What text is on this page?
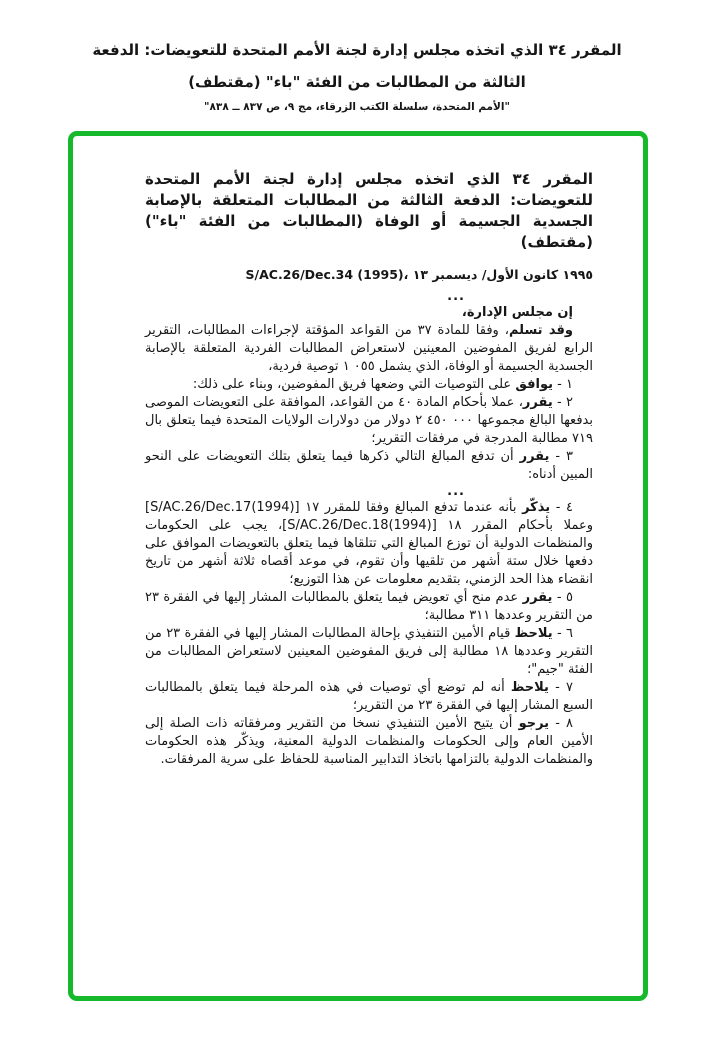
المقرر ٣٤ الذي اتخذه مجلس إدارة لجنة الأمم المتحدة للتعويضات: الدفعة
الثالثة من المطالبات من الفئة "باء" (مقتطف)
"الأمم المتحدة، سلسلة الكتب الزرقاء، مج ٩، ص ٨٣٧ ــ ٨٣٨"
المقرر ٣٤ الذي اتخذه مجلس إدارة لجنة الأمم المتحدة للتعويضات: الدفعة الثالثة من المطالبات المتعلقة بالإصابة الجسدية الجسيمة أو الوفاة (المطالبات من الفئة "باء") (مقتطف)
S/AC.26/Dec.34 (1995)، ١٣ ‎كانون الأول/ ديسمبر‎ ١٩٩٥
...
إن مجلس الإدارة،
وقد تسلم، وفقا للمادة ٣٧ من القواعد المؤقتة لإجراءات المطالبات، التقرير الرابع لفريق المفوضين المعينين لاستعراض المطالبات الفردية المتعلقة بالإصابة الجسدية الجسيمة أو الوفاة، الذي يشمل ١ ٠٥٥ توصية فردية،
١ - يوافق على التوصيات التي وضعها فريق المفوضين، وبناء على ذلك:
٢ - يقرر، عملا بأحكام المادة ٤٠ من القواعد، الموافقة على التعويضات الموصى بدفعها البالغ مجموعها ٢ ٤٥٠ ٠٠٠ دولار من دولارات الولايات المتحدة فيما يتعلق بال ٧١٩ مطالبة المدرجة في مرفقات التقرير؛
٣ - يقرر أن تدفع المبالغ التالي ذكرها فيما يتعلق بتلك التعويضات على النحو المبين أدناه:
...
٤ - يذكّر بأنه عندما تدفع المبالغ وفقا للمقرر ١٧ ‎[S/AC.26/Dec.17(1994)]‎ وعملا بأحكام المقرر ١٨ ‎[S/AC.26/Dec.18(1994)]‎، يجب على الحكومات والمنظمات الدولية أن توزع المبالغ التي تتلقاها فيما يتعلق بالتعويضات الموافق على دفعها خلال ستة أشهر من تلقيها وأن تقوم، في موعد أقصاه ثلاثة أشهر من تاريخ انقضاء هذا الحد الزمني، بتقديم معلومات عن هذا التوزيع؛
٥ - يقرر عدم منح أي تعويض فيما يتعلق بالمطالبات المشار إليها في الفقرة ٢٣ من التقرير وعددها ٣١١ مطالبة؛
٦ - يلاحظ قيام الأمين التنفيذي بإحالة المطالبات المشار إليها في الفقرة ٢٣ من التقرير وعددها ١٨ مطالبة إلى فريق المفوضين المعينين لاستعراض المطالبات من الفئة "جيم"؛
٧ - يلاحظ أنه لم توضع أي توصيات في هذه المرحلة فيما يتعلق بالمطالبات السبع المشار إليها في الفقرة ٢٣ من التقرير؛
٨ - يرجو أن يتيح الأمين التنفيذي نسخا من التقرير ومرفقاته ذات الصلة إلى الأمين العام وإلى الحكومات والمنظمات الدولية المعنية، ويذكّر هذه الحكومات والمنظمات الدولية بالتزامها باتخاذ التدابير المناسبة للحفاظ على سرية المرفقات.
